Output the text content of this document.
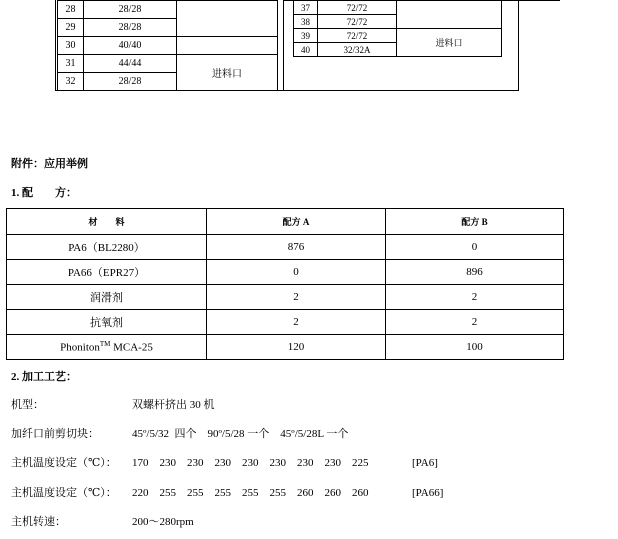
28	28/28	
29	28/28	
30	40/40	
31	44/44	进料口
32	28/28	
37	72/72	
38	72/72	
39	72/72	进料口
40	32/32A	
附件：应用举例
1. 配　　方：
材　　料	配方 A	配方 B
PA6（BL2280）	876	0
PA66（EPR27）	0	896
润滑剂	2	2
抗氧剂	2	2
Phoniton™ MCA-25	120	100
2. 加工工艺：
机型：	双螺杆挤出 30 机
加纤口前剪切块：	45º/5/32  四个    90º/5/28 一个    45º/5/28L 一个
主机温度设定（℃）： 170    230    230    230    230    230    230    230    225	[PA6]
主机温度设定（℃）： 220    255    255    255    255    255    260    260    260	[PA66]
主机转速：	200～280rpm
